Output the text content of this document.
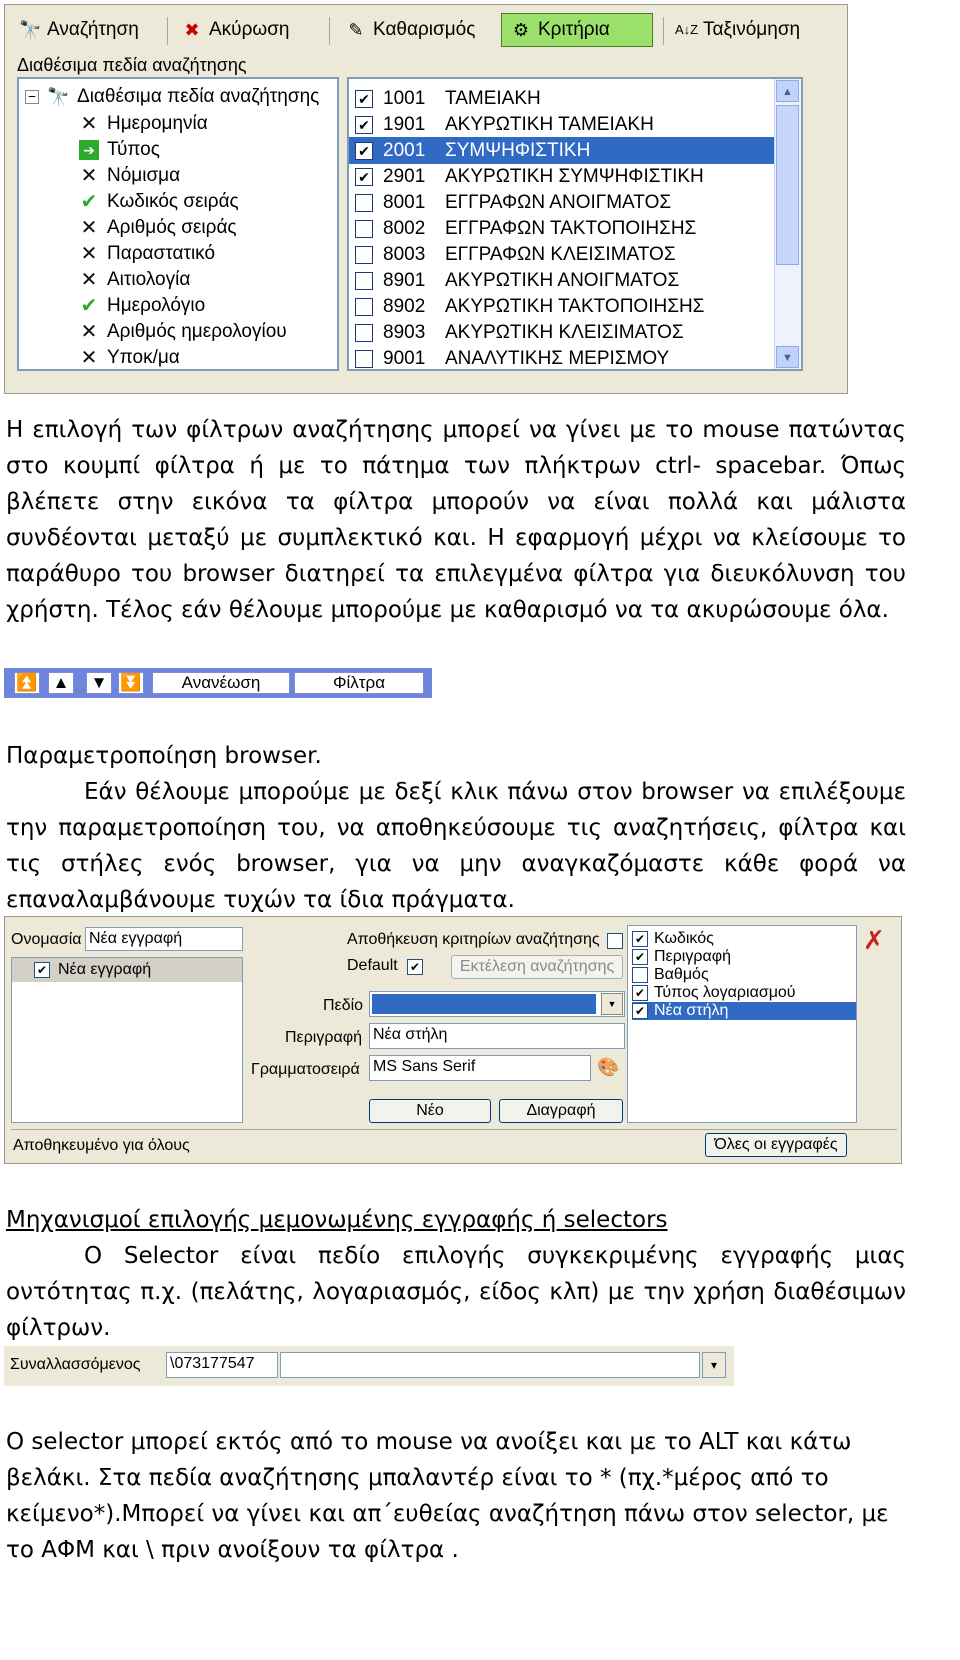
🔭 Αναζήτηση	✖ Ακύρωση	✎ Καθαρισμός ⚙ Κριτήρια	A↓Z Ταξινόμηση
Διαθέσιμα πεδία αναζήτησης
− 🔭 Διαθέσιμα πεδία αναζήτησης
✕ Ημερομηνία
➔ Τύπος
✕ Νόμισμα
✔ Κωδικός σειράς
✕ Αριθμός σειράς
✕ Παραστατικό
✕ Αιτιολογία
✔ Ημερολόγιο
✕ Αριθμός ημερολογίου
✕ Υποκ/μα
✔ 1001	ΤΑΜΕΙΑΚΗ
✔ 1901	ΑΚΥΡΩΤΙΚΗ ΤΑΜΕΙΑΚΗ
✔ 2001	ΣΥΜΨΗΦΙΣΤΙΚΗ
✔ 2901	ΑΚΥΡΩΤΙΚΗ ΣΥΜΨΗΦΙΣΤΙΚΗ
8001	ΕΓΓΡΑΦΩΝ ΑΝΟΙΓΜΑΤΟΣ
8002	ΕΓΓΡΑΦΩΝ ΤΑΚΤΟΠΟΙΗΣΗΣ
8003	ΕΓΓΡΑΦΩΝ ΚΛΕΙΣΙΜΑΤΟΣ
8901	ΑΚΥΡΩΤΙΚΗ ΑΝΟΙΓΜΑΤΟΣ
8902	ΑΚΥΡΩΤΙΚΗ ΤΑΚΤΟΠΟΙΗΣΗΣ
8903	ΑΚΥΡΩΤΙΚΗ ΚΛΕΙΣΙΜΑΤΟΣ
9001	ΑΝΑΛΥΤΙΚΗΣ ΜΕΡΙΣΜΟΥ
▲
▼
Η επιλογή των φίλτρων αναζήτησης μπορεί να γίνει με το mouse πατώντας στο κουμπί φίλτρα ή με το πάτημα των πλήκτρων ctrl- spacebar. Όπως βλέπετε στην εικόνα τα φίλτρα μπορούν να είναι πολλά και μάλιστα συνδέονται μεταξύ με συμπλεκτικό και. Η εφαρμογή μέχρι να κλείσουμε το παράθυρο του browser διατηρεί τα επιλεγμένα φίλτρα για διευκόλυνση του χρήστη. Τέλος εάν θέλουμε μπορούμε με καθαρισμό να τα ακυρώσουμε όλα.
⏫ ▲ ▼ ⏬	Ανανέωση	Φίλτρα
Παραμετροποίηση browser.
Εάν θέλουμε μπορούμε με δεξί κλικ πάνω στον browser να επιλέξουμε την παραμετροποίηση του, να αποθηκεύσουμε τις αναζητήσεις, φίλτρα και τις στήλες ενός browser, για να μην αναγκαζόμαστε κάθε φορά να επαναλαμβάνουμε τυχών τα ίδια πράγματα.
Ονομασία Νέα εγγραφή
✔ Νέα εγγραφή
Αποθήκευση κριτηρίων αναζήτησης
Default ✔	Εκτέλεση αναζήτησης
Πεδίο	▼
Περιγραφή Νέα στήλη
Γραμματοσειρά MS Sans Serif	🎨
Νέο	Διαγραφή
✔ Κωδικός
✔ Περιγραφή
Βαθμός
✔ Τύπος λογαριασμού
✔ Νέα στήλη
✗
Αποθηκευμένο για όλους	Όλες οι εγγραφές
Μηχανισμοί επιλογής μεμονωμένης εγγραφής ή selectors
Ο Selector είναι πεδίο επιλογής συγκεκριμένης εγγραφής μιας οντότητας π.χ. (πελάτης, λογαριασμός, είδος κλπ) με την χρήση διαθέσιμων φίλτρων.
Συναλλασσόμενος \073177547	▾
Ο selector μπορεί εκτός από το mouse να ανοίξει και με το ALT και κάτω βελάκι. Στα πεδία αναζήτησης μπαλαντέρ είναι το * (πχ.*μέρος από το κείμενο*).Μπορεί να γίνει και απ΄ευθείας αναζήτηση πάνω στον selector, με το ΑΦΜ και \ πριν ανοίξουν τα φίλτρα .
